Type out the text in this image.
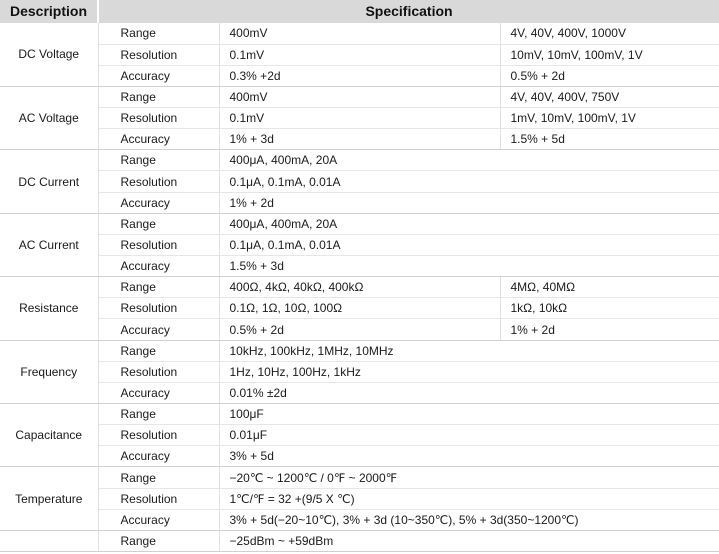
Description	Specification		
DC Voltage	Range	400mV	4V, 40V, 400V, 1000V
	Resolution	0.1mV	10mV, 10mV, 100mV, 1V
	Accuracy	0.3% +2d	0.5% + 2d
AC Voltage	Range	400mV	4V, 40V, 400V, 750V
	Resolution	0.1mV	1mV, 10mV, 100mV, 1V
	Accuracy	1% + 3d	1.5% + 5d
DC Current	Range	400μA, 400mA, 20A	
	Resolution	0.1μA, 0.1mA, 0.01A	
	Accuracy	1% + 2d	
AC Current	Range	400μA, 400mA, 20A	
	Resolution	0.1μA, 0.1mA, 0.01A	
	Accuracy	1.5% + 3d	
Resistance	Range	400Ω, 4kΩ, 40kΩ, 400kΩ	4MΩ, 40MΩ
	Resolution	0.1Ω, 1Ω, 10Ω, 100Ω	1kΩ, 10kΩ
	Accuracy	0.5% + 2d	1% + 2d
Frequency	Range	10kHz, 100kHz, 1MHz, 10MHz	
	Resolution	1Hz, 10Hz, 100Hz, 1kHz	
	Accuracy	0.01% ±2d	
Capacitance	Range	100μF	
	Resolution	0.01μF	
	Accuracy	3% + 5d	
Temperature	Range	−20℃ ~ 1200℃ / 0℉ ~ 2000℉	
	Resolution	1℃/℉ = 32 +(9/5 X ℃)	
	Accuracy	3% + 5d(−20~10℃), 3% + 3d (10~350℃), 5% + 3d(350~1200℃)	
	Range	−25dBm ~ +59dBm	
